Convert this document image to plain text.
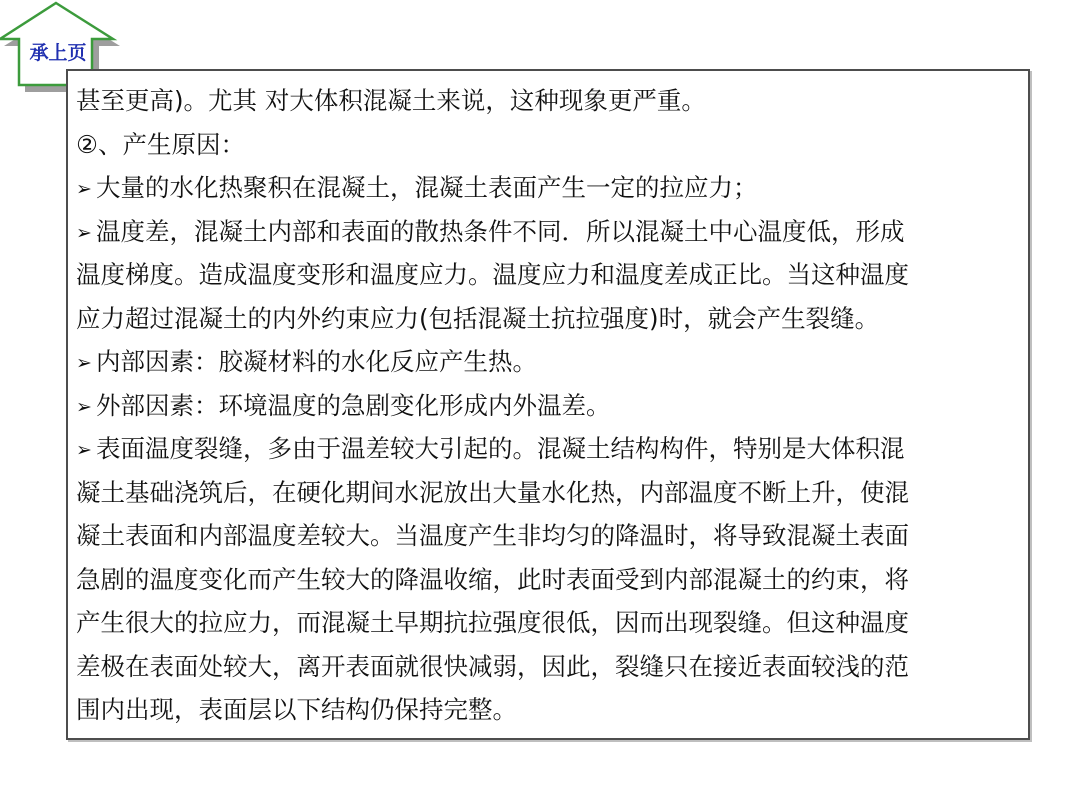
承上页
甚至更高)。尤其 对大体积混凝土来说，这种现象更严重。
②、产生原因：
➢ 大量的水化热聚积在混凝土，混凝土表面产生一定的拉应力；
➢ 温度差，混凝土内部和表面的散热条件不同．所以混凝土中心温度低，形成
温度梯度。造成温度变形和温度应力。温度应力和温度差成正比。当这种温度
应力超过混凝土的内外约束应力(包括混凝土抗拉强度)时，就会产生裂缝。
➢ 内部因素：胶凝材料的水化反应产生热。
➢ 外部因素：环境温度的急剧变化形成内外温差。
➢ 表面温度裂缝，多由于温差较大引起的。混凝土结构构件，特别是大体积混
凝土基础浇筑后，在硬化期间水泥放出大量水化热，内部温度不断上升，使混
凝土表面和内部温度差较大。当温度产生非均匀的降温时，将导致混凝土表面
急剧的温度变化而产生较大的降温收缩，此时表面受到内部混凝土的约束，将
产生很大的拉应力，而混凝土早期抗拉强度很低，因而出现裂缝。但这种温度
差极在表面处较大，离开表面就很快减弱，因此，裂缝只在接近表面较浅的范
围内出现，表面层以下结构仍保持完整。
